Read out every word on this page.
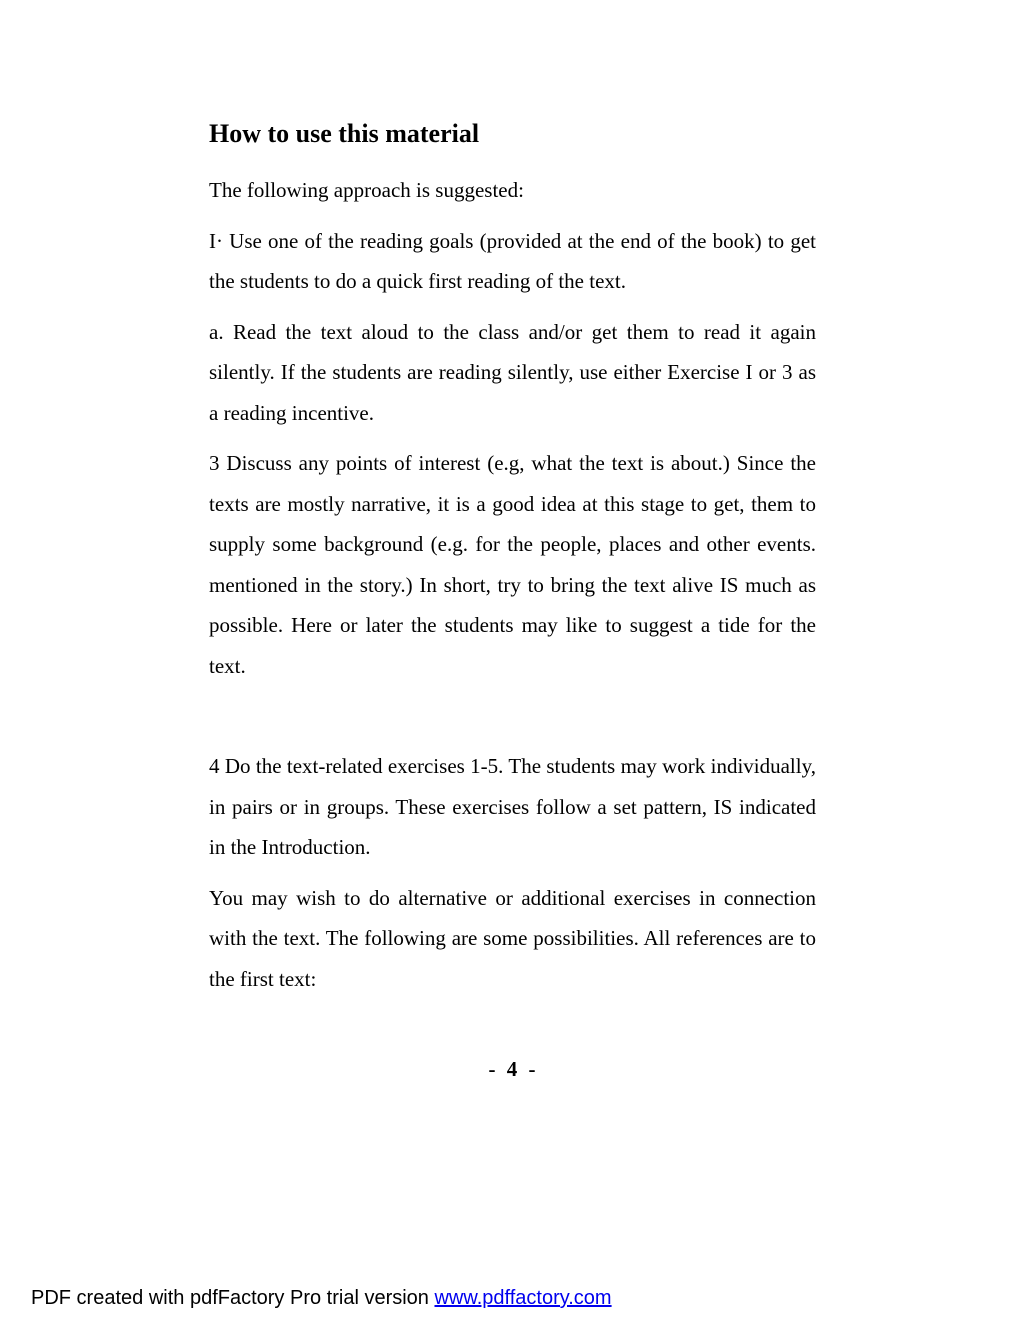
How to use this material

The following approach is suggested:

I· Use one of the reading goals (provided at the end of the book) to get the students to do a quick first reading of the text.

a. Read the text aloud to the class and/or get them to read it again silently. If the students are reading silently, use either Exercise I or 3 as a reading incentive.

3 Discuss any points of interest (e.g, what the text is about.) Since the texts are mostly narrative, it is a good idea at this stage to get, them to supply some background (e.g. for the people, places and other events. mentioned in the story.) In short, try to bring the text alive IS much as possible. Here or later the students may like to suggest a tide for the text.

4 Do the text-related exercises 1-5. The students may work individually, in pairs or in groups. These exercises follow a set pattern, IS indicated in the Introduction.

You may wish to do alternative or additional exercises in connection with the text. The following are some possibilities. All references are to the first text:

- 4 -
PDF created with pdfFactory Pro trial version www.pdffactory.com
